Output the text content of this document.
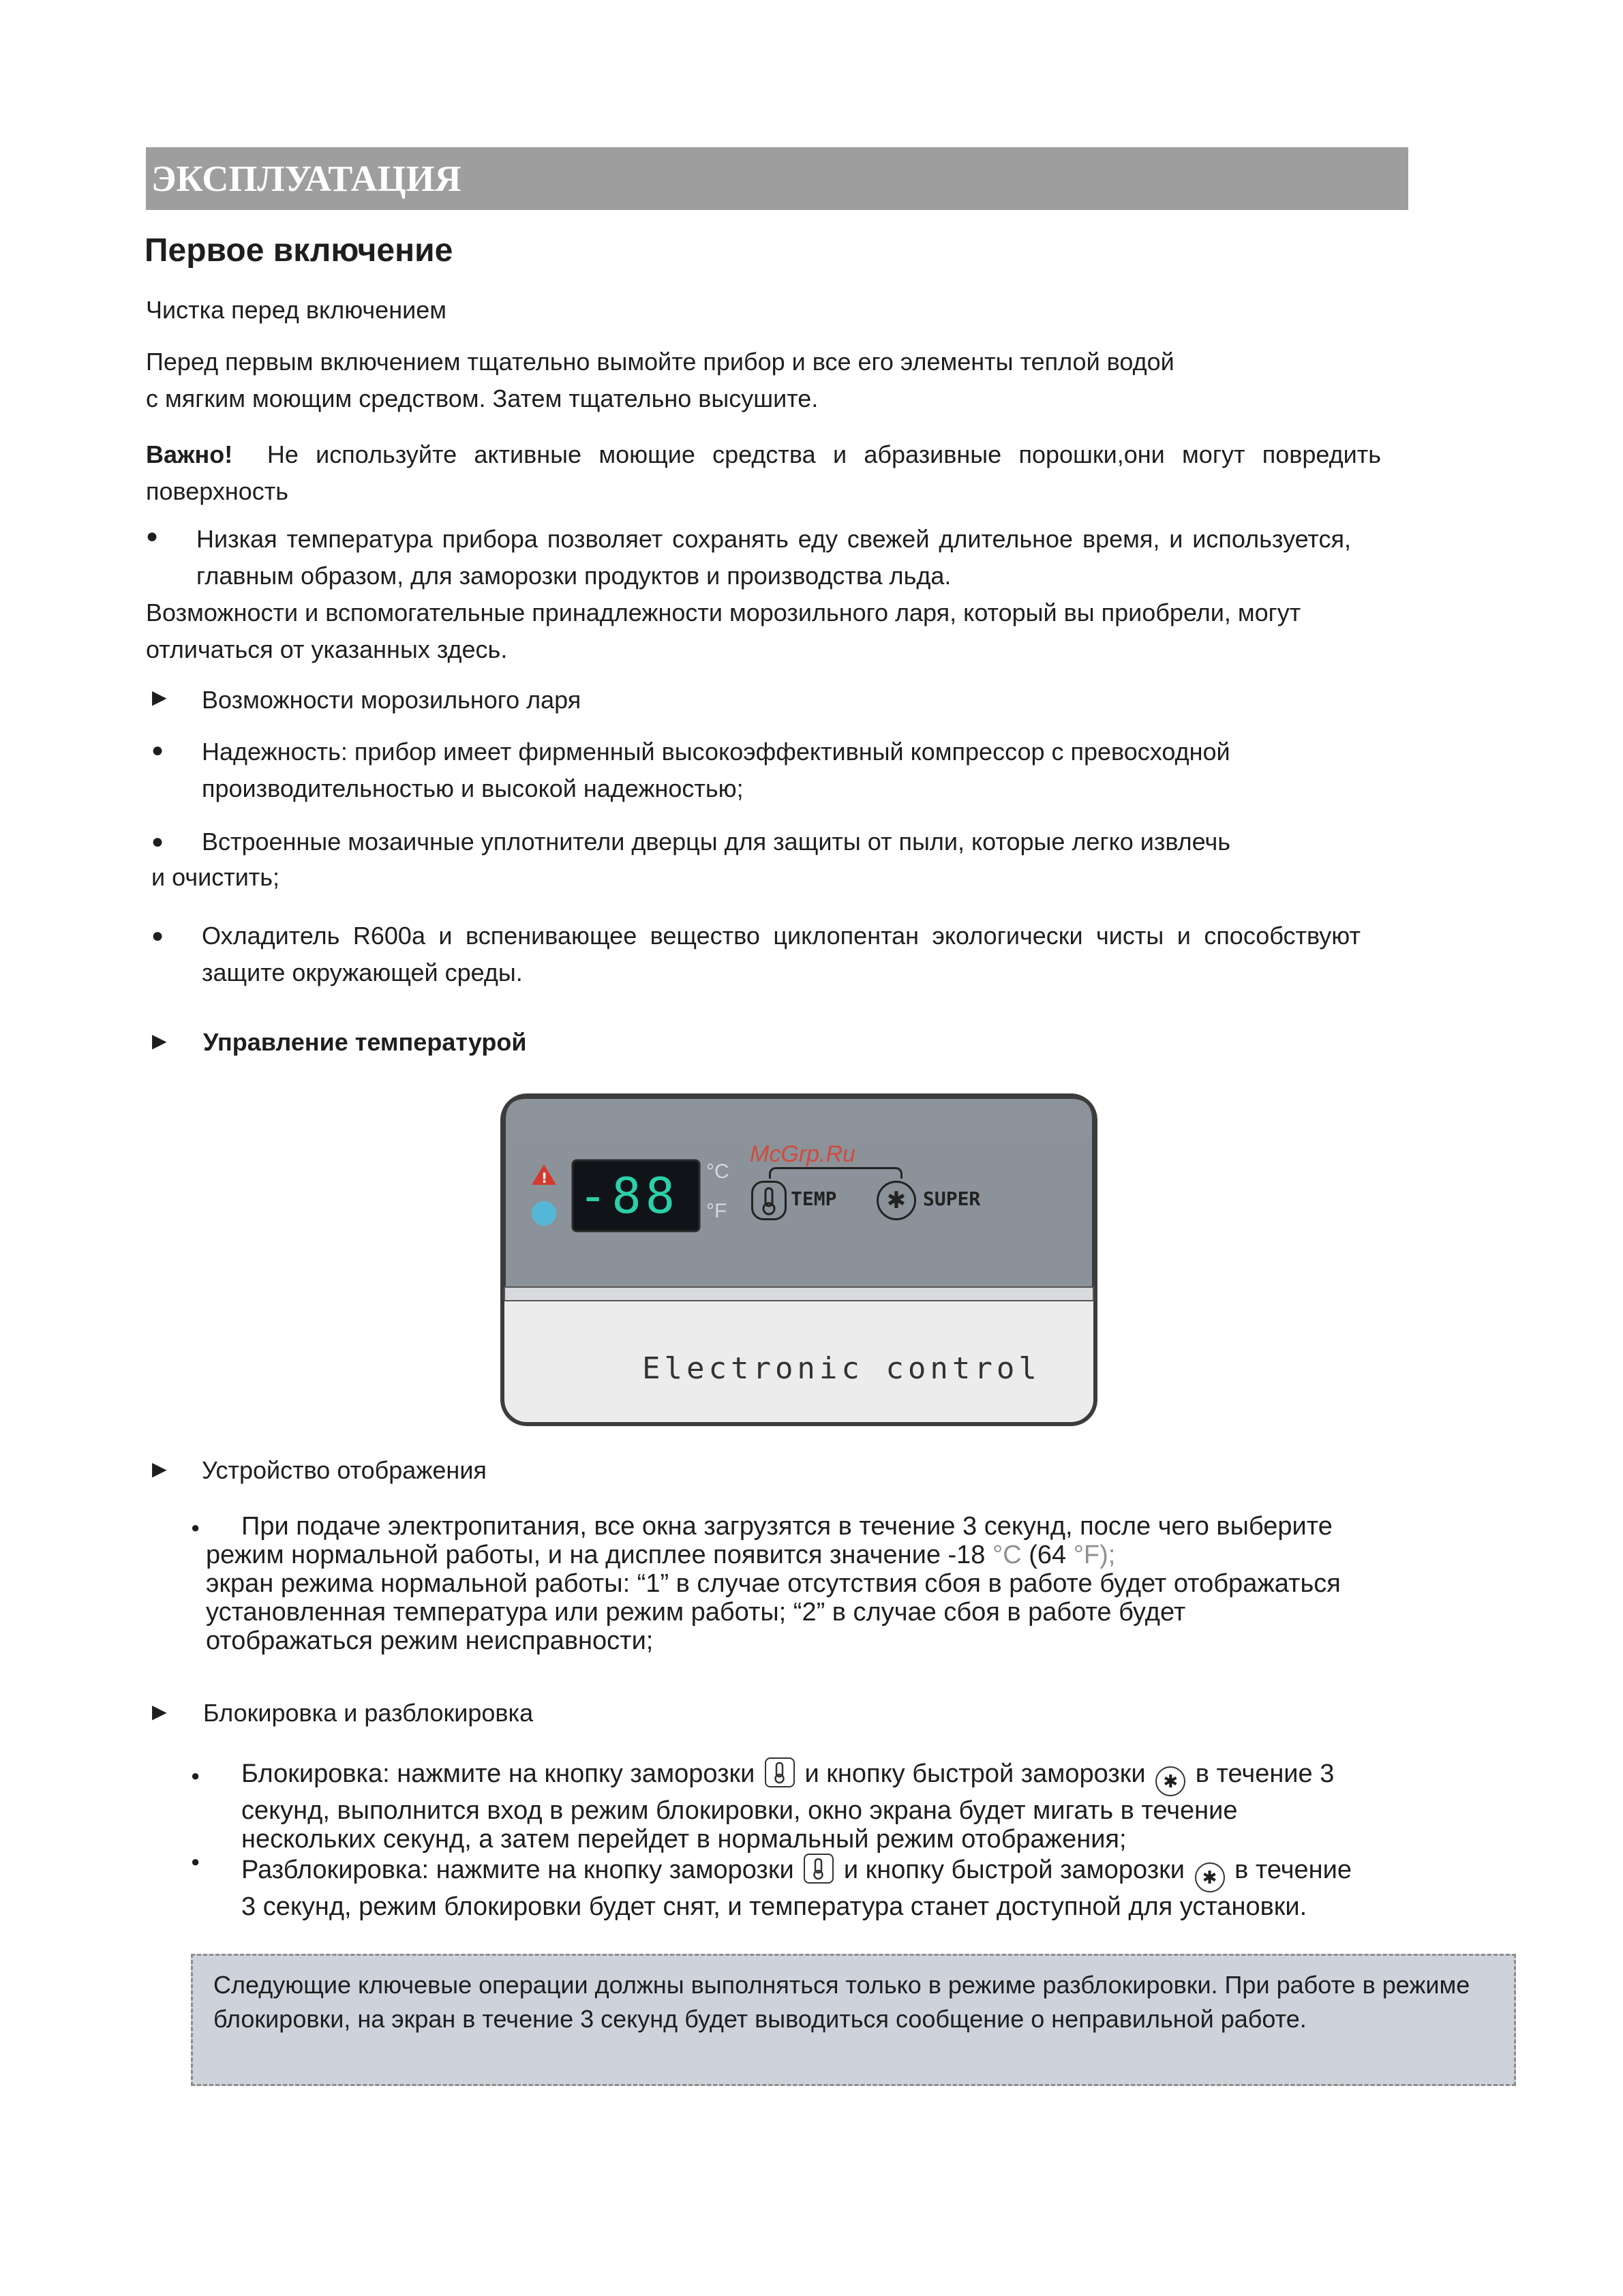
ЭКСПЛУАТАЦИЯ
Первое включение
Чистка перед включением
Перед первым включением тщательно вымойте прибор и все его элементы теплой водой
с мягким моющим средством. Затем тщательно высушите.
Важно! Не используйте активные моющие средства и абразивные порошки,они могут повредить поверхность
● Низкая температура прибора позволяет сохранять еду свежей длительное время, и используется, главным образом, для заморозки продуктов и производства льда.
Возможности и вспомогательные принадлежности морозильного ларя, который вы приобрели, могут отличаться от указанных здесь.
► Возможности морозильного ларя
● Надежность: прибор имеет фирменный высокоэффективный компрессор с превосходной производительностью и высокой надежностью;
● Встроенные мозаичные уплотнители дверцы для защиты от пыли, которые легко извлечь
и очистить;
● Охладитель R600a и вспенивающее вещество циклопентан экологически чисты и способствуют защите окружающей среды.
► Управление температурой
! -88	°C
°F
McGrp.Ru
TEMP	✱ SUPER
Electronic control
► Устройство отображения
●	При подаче электропитания, все окна загрузятся в течение 3 секунд, после чего выберите
режим нормальной работы, и на дисплее появится значение -18 °C (64 °F);
экран режима нормальной работы: “1” в случае отсутствия сбоя в работе будет отображаться
установленная температура или режим работы; “2” в случае сбоя в работе будет
отображаться режим неисправности;
► Блокировка и разблокировка
●
●
Блокировка: нажмите на кнопку заморозки и кнопку быстрой заморозки ✱ в течение 3
секунд, выполнится вход в режим блокировки, окно экрана будет мигать в течение
нескольких секунд, а затем перейдет в нормальный режим отображения;
Разблокировка: нажмите на кнопку заморозки и кнопку быстрой заморозки ✱ в течение
3 секунд, режим блокировки будет снят, и температура станет доступной для установки.
Следующие ключевые операции должны выполняться только в режиме разблокировки. При работе в режиме блокировки, на экран в течение 3 секунд будет выводиться сообщение о неправильной работе.
